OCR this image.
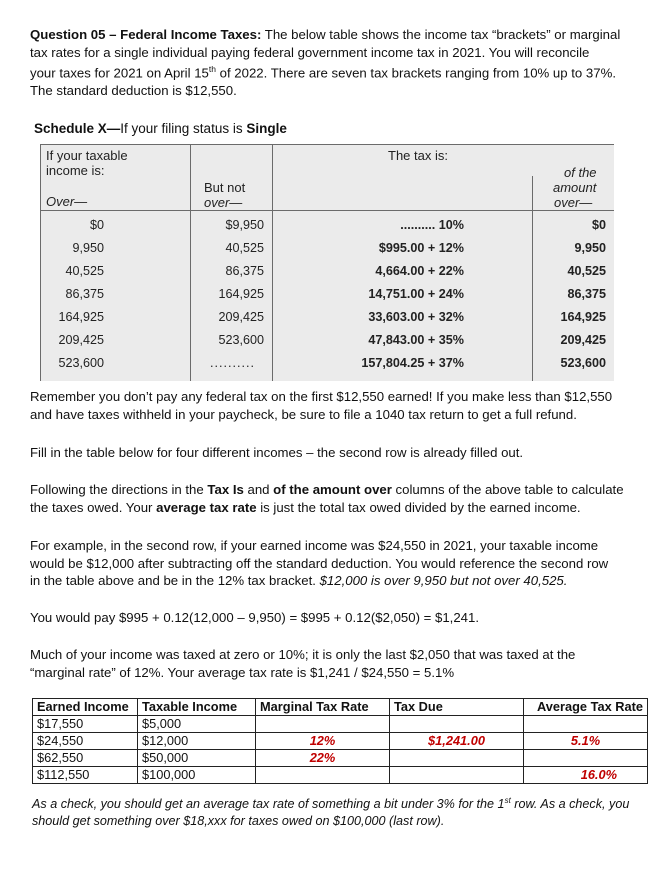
Question 05 – Federal Income Taxes: The below table shows the income tax “brackets” or marginal
tax rates for a single individual paying federal government income tax in 2021. You will reconcile
your taxes for 2021 on April 15th of 2022. There are seven tax brackets ranging from 10% up to 37%.
The standard deduction is $12,550.
Schedule X—If your filing status is Single
If your taxable
income is:
The tax is:
Over—
But not
over—
of the
amount
over—
$0	$9,950	.......... 10%	$0
9,950	40,525	$995.00 + 12%	9,950
40,525	86,375	4,664.00 + 22%	40,525
86,375	164,925	14,751.00 + 24%	86,375
164,925	209,425	33,603.00 + 32%	164,925
209,425	523,600	47,843.00 + 35%	209,425
523,600	..........	157,804.25 + 37%	523,600
Remember you don’t pay any federal tax on the first $12,550 earned! If you make less than $12,550
and have taxes withheld in your paycheck, be sure to file a 1040 tax return to get a full refund.
Fill in the table below for four different incomes – the second row is already filled out.
Following the directions in the Tax Is and of the amount over columns of the above table to calculate
the taxes owed. Your average tax rate is just the total tax owed divided by the earned income.
For example, in the second row, if your earned income was $24,550 in 2021, your taxable income
would be $12,000 after subtracting off the standard deduction. You would reference the second row
in the table above and be in the 12% tax bracket. $12,000 is over 9,950 but not over 40,525.
You would pay $995 + 0.12(12,000 – 9,950) = $995 + 0.12($2,050) = $1,241.
Much of your income was taxed at zero or 10%; it is only the last $2,050 that was taxed at the
“marginal rate” of 12%. Your average tax rate is $1,241 / $24,550 = 5.1%
Earned Income	Taxable Income	Marginal Tax Rate	Tax Due	Average Tax Rate
$17,550	$5,000			
$24,550	$12,000	12%	$1,241.00	5.1%
$62,550	$50,000	22%		
$112,550	$100,000			16.0%
As a check, you should get an average tax rate of something a bit under 3% for the 1st row. As a check, you
should get something over $18,xxx for taxes owed on $100,000 (last row).
